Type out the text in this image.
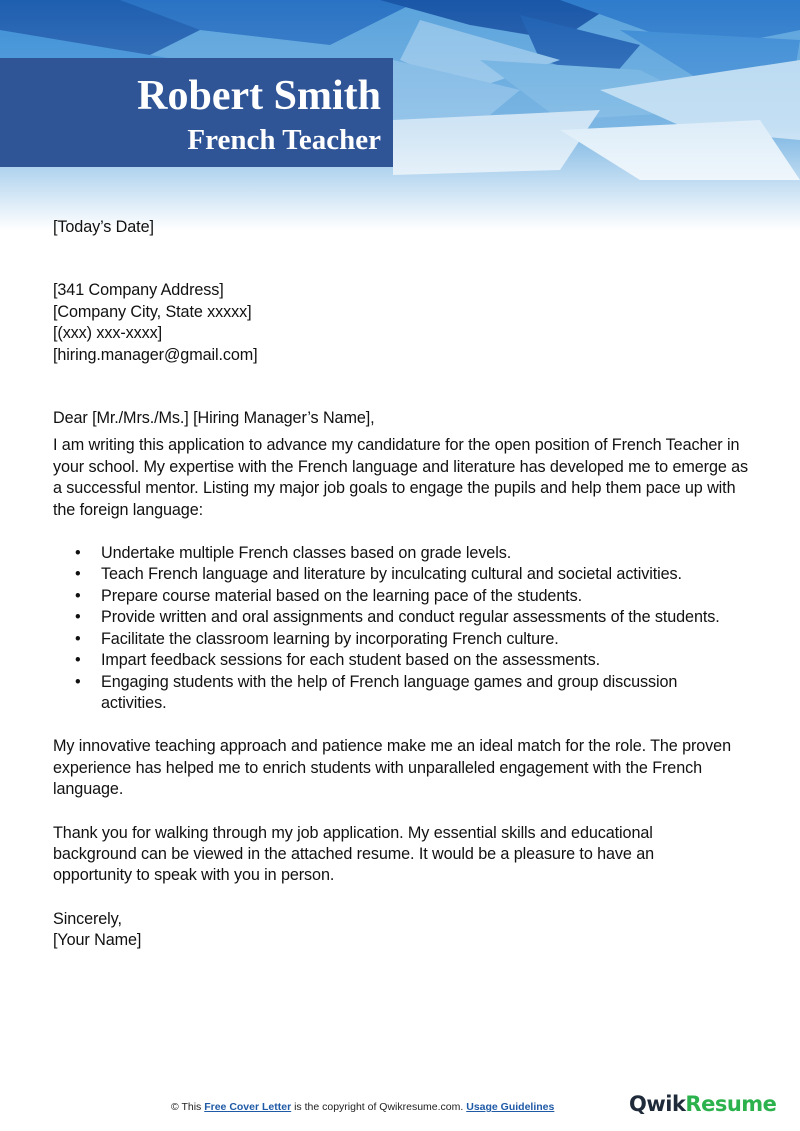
Robert Smith
French Teacher

[Today’s Date]

[341 Company Address]

[Company City, State xxxxx]

[(xxx) xxx-xxxx]

[hiring.manager@gmail.com]

Dear [Mr./Mrs./Ms.] [Hiring Manager’s Name],

I am writing this application to advance my candidature for the open position of French Teacher in your school. My expertise with the French language and literature has developed me to emerge as a successful mentor. Listing my major job goals to engage the pupils and help them pace up with the foreign language:

• Undertake multiple French classes based on grade levels.
• Teach French language and literature by inculcating cultural and societal activities.
• Prepare course material based on the learning pace of the students.
• Provide written and oral assignments and conduct regular assessments of the students.
• Facilitate the classroom learning by incorporating French culture.
• Impart feedback sessions for each student based on the assessments.
• Engaging students with the help of French language games and group discussion activities.

My innovative teaching approach and patience make me an ideal match for the role. The proven experience has helped me to enrich students with unparalleled engagement with the French language.

Thank you for walking through my job application. My essential skills and educational background can be viewed in the attached resume. It would be a pleasure to have an opportunity to speak with you in person.

Sincerely,

[Your Name]

© This Free Cover Letter is the copyright of Qwikresume.com. Usage Guidelines	QwikResume
